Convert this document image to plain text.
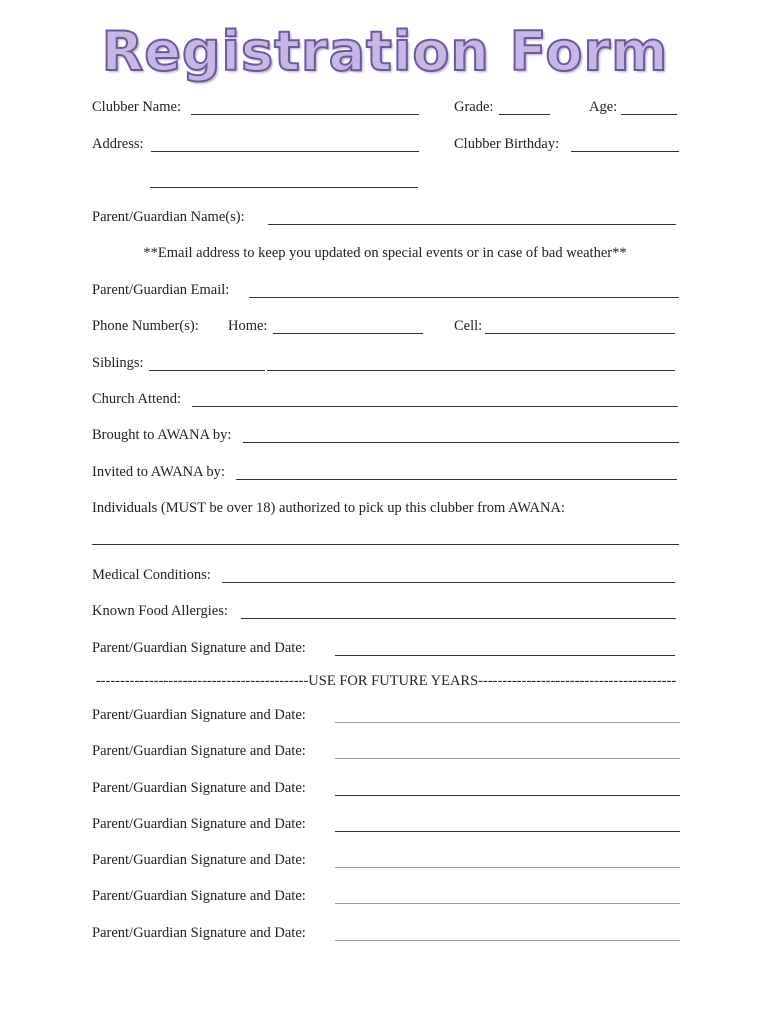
Registration Form
Clubber Name:	Grade:	Age:
Address:	Clubber Birthday:
Parent/Guardian Name(s):
**Email address to keep you updated on special events or in case of bad weather**
Parent/Guardian Email:
Phone Number(s): Home:	Cell:
Siblings:
Church Attend:
Brought to AWANA by:
Invited to AWANA by:
Individuals (MUST be over 18) authorized to pick up this clubber from AWANA:
Medical Conditions:
Known Food Allergies:
Parent/Guardian Signature and Date:
--------------------------------------------USE FOR FUTURE YEARS-----------------------------------------
Parent/Guardian Signature and Date:
Parent/Guardian Signature and Date:
Parent/Guardian Signature and Date:
Parent/Guardian Signature and Date:
Parent/Guardian Signature and Date:
Parent/Guardian Signature and Date:
Parent/Guardian Signature and Date:
